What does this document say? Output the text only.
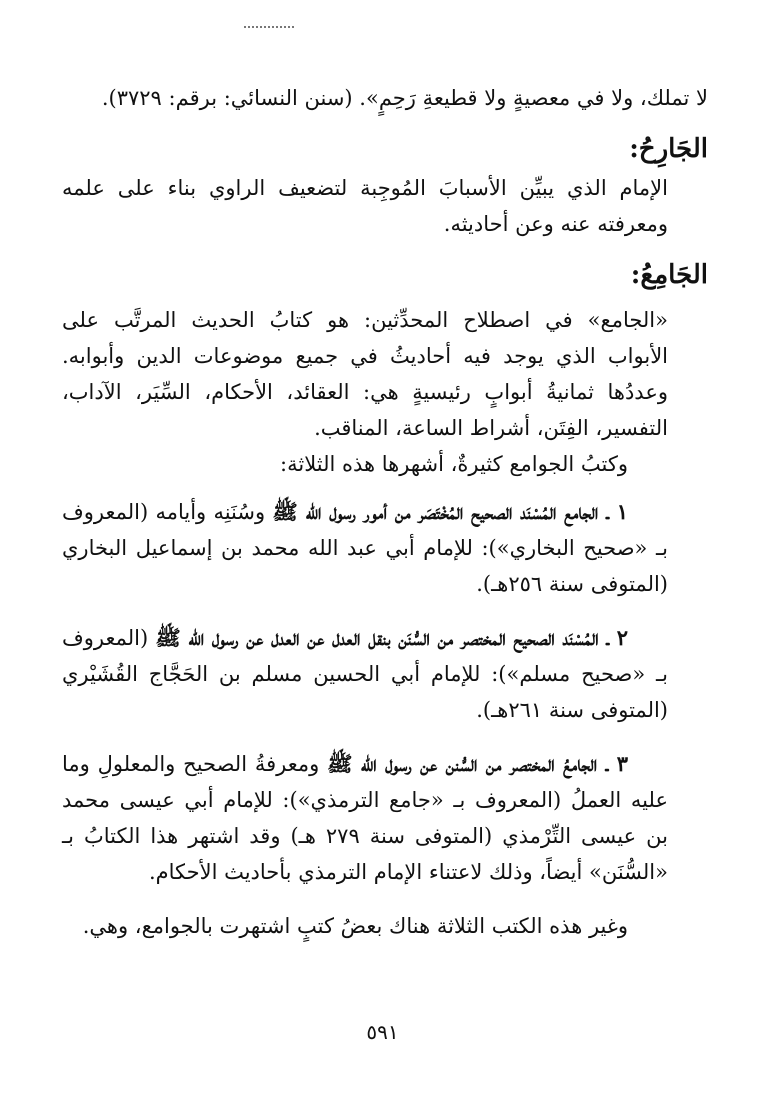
لا تملك، ولا في معصيةٍ ولا قطيعةِ رَحِمٍ». (سنن النسائي: برقم: ٣٧٢٩).

الجَارِحُ:

الإمام الذي يبيِّن الأسبابَ المُوجِبة لتضعيف الراوي بناء على علمه ومعرفته عنه وعن أحاديثه.

الجَامِعُ:

«الجامع» في اصطلاح المحدِّثين: هو كتابُ الحديث المرتَّب على الأبواب الذي يوجد فيه أحاديثُ في جميع موضوعات الدين وأبوابه. وعددُها ثمانيةُ أبوابٍ رئيسيةٍ هي: العقائد، الأحكام، السِّيَر، الآداب، التفسير، الفِتَن، أشراط الساعة، المناقب.

وكتبُ الجوامع كثيرةٌ، أشهرها هذه الثلاثة:

١ ـ الجامع المُسْنَد الصحيح المُخْتَصَر من أمور رسول الله ﷺ وسُنَنِه وأيامه (المعروف بـ «صحيح البخاري»): للإمام أبي عبد الله محمد بن إسماعيل البخاري (المتوفى سنة ٢٥٦هـ).

٢ ـ المُسْنَد الصحيح المختصر من السُّنَن بنقل العدل عن العدل عن رسول الله ﷺ (المعروف بـ «صحيح مسلم»): للإمام أبي الحسين مسلم بن الحَجَّاج القُشَيْري (المتوفى سنة ٢٦١هـ).

٣ ـ الجامعُ المختصر من السُّنن عن رسول الله ﷺ ومعرفةُ الصحيح والمعلولِ وما عليه العملُ (المعروف بـ «جامع الترمذي»): للإمام أبي عيسى محمد بن عيسى التِّرْمذي (المتوفى سنة ٢٧٩ هـ) وقد اشتهر هذا الكتابُ بـ «السُّنَن» أيضاً، وذلك لاعتناء الإمام الترمذي بأحاديث الأحكام.

وغير هذه الكتب الثلاثة هناك بعضُ كتبٍ اشتهرت بالجوامع، وهي.

٥٩١
